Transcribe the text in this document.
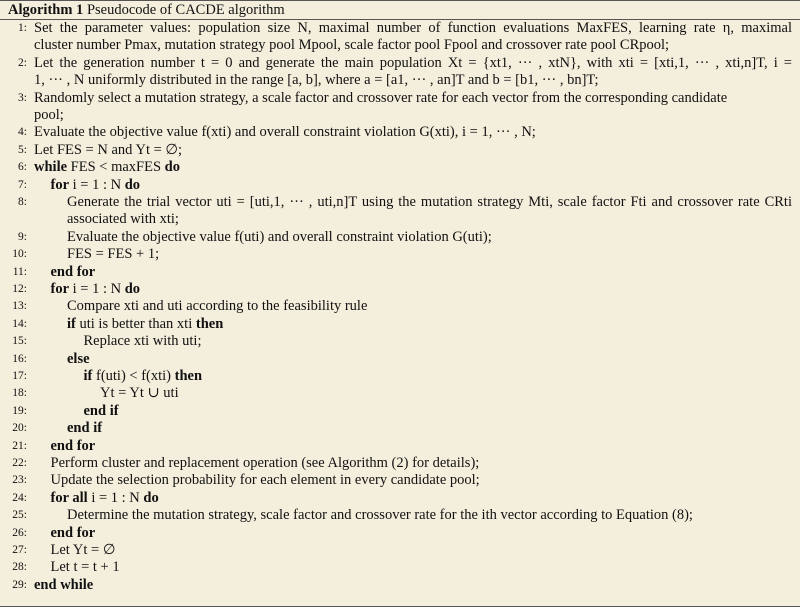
Algorithm 1 Pseudocode of CACDE algorithm
1: Set the parameter values: population size N, maximal number of function evaluations MaxFES, learning rate η, maximal
cluster number Pmax, mutation strategy pool Mpool, scale factor pool Fpool and crossover rate pool CRpool;
2: Let the generation number t = 0 and generate the main population Xt = {xt1, ··· , xtN}, with xti = [xti,1, ··· , xti,n]T, i =
1, ··· , N uniformly distributed in the range [a, b], where a = [a1, ··· , an]T and b = [b1, ··· , bn]T;
3: Randomly select a mutation strategy, a scale factor and crossover rate for each vector from the corresponding candidate
pool;
4: Evaluate the objective value f(xti) and overall constraint violation G(xti), i = 1, ··· , N;
5: Let FES = N and Yt = ∅;
6: while FES < maxFES do
7: for i = 1 : N do
8:	Generate the trial vector uti = [uti,1, ··· , uti,n]T using the mutation strategy Mti, scale factor Fti and crossover rate CRti
associated with xti;
9:	Evaluate the objective value f(uti) and overall constraint violation G(uti);
10:	FES = FES + 1;
11: end for
12: for i = 1 : N do
13:	Compare xti and uti according to the feasibility rule
14:	if uti is better than xti then
15:	Replace xti with uti;
16:	else
17:	if f(uti) < f(xti) then
18:	Yt = Yt ∪ uti
19:	end if
20:	end if
21: end for
22: Perform cluster and replacement operation (see Algorithm (2) for details);
23: Update the selection probability for each element in every candidate pool;
24: for all i = 1 : N do
25:	Determine the mutation strategy, scale factor and crossover rate for the ith vector according to Equation (8);
26: end for
27: Let Yt = ∅
28: Let t = t + 1
29: end while
